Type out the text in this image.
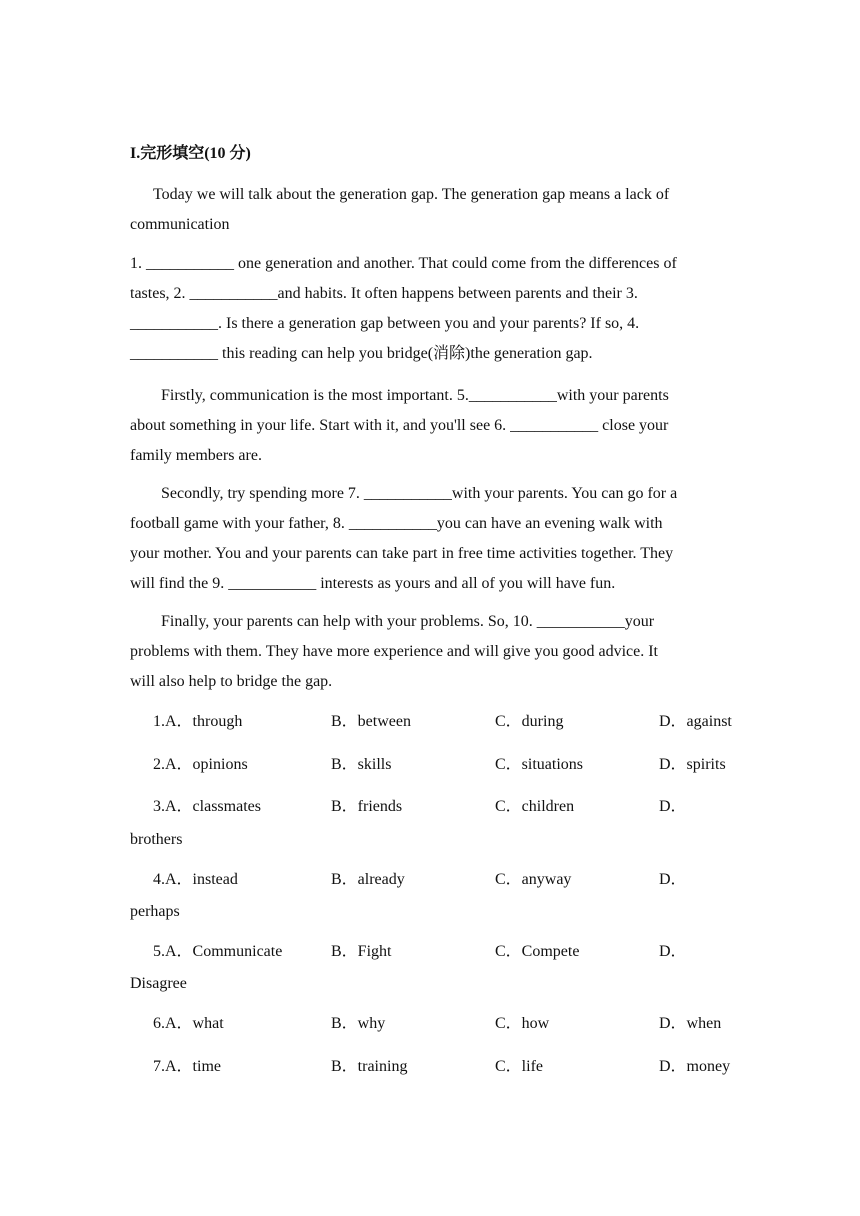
I.完形填空(10 分)
Today we will talk about the generation gap. The generation gap means a lack of
communication
1. ___________ one generation and another. That could come from the differences of
tastes, 2. ___________and habits. It often happens between parents and their 3.
___________. Is there a generation gap between you and your parents? If so, 4.
___________ this reading can help you bridge(消除)the generation gap.
Firstly, communication is the most important. 5.___________with your parents
about something in your life. Start with it, and you'll see 6. ___________ close your
family members are.
Secondly, try spending more 7. ___________with your parents. You can go for a
football game with your father, 8. ___________you can have an evening walk with
your mother. You and your parents can take part in free time activities together. They
will find the 9. ___________ interests as yours and all of you will have fun.
Finally, your parents can help with your problems. So, 10. ___________your
problems with them. They have more experience and will give you good advice. It
will also help to bridge the gap.
1.A．through	B．between	C．during	D．against
2.A．opinions	B．skills	C．situations	D．spirits
3.A．classmates	B．friends	C．children	D．
brothers
4.A．instead	B．already	C．anyway	D．
perhaps
5.A．Communicate	B．Fight	C．Compete	D．
Disagree
6.A．what	B．why	C．how	D．when
7.A．time	B．training	C．life	D．money
